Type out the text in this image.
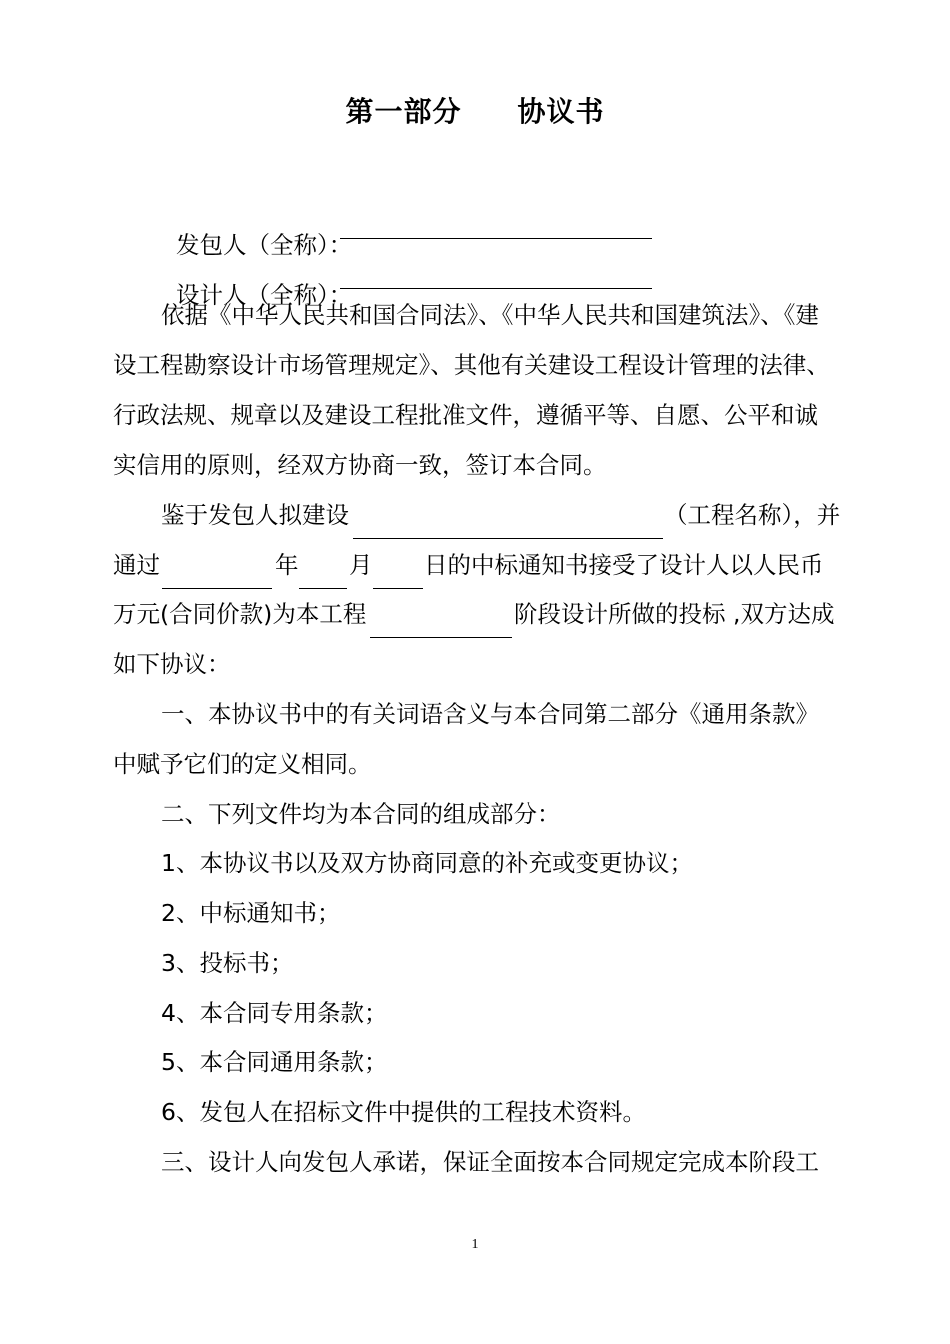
第一部分 协议书

发包人（全称）：

设计人（全称）：

依据《中华人民共和国合同法》、《中华人民共和国建筑法》、《建
设工程勘察设计市场管理规定》、其他有关建设工程设计管理的法律、
行政法规、规章以及建设工程批准文件，遵循平等、自愿、公平和诚
实信用的原则，经双方协商一致，签订本合同。
鉴于发包人拟建设	（工程名称），并
通过	年 月 日的中标通知书接受了设计人以人民币
万元(合同价款)为本工程	阶段设计所做的投标 ,双方达成
如下协议：
一、本协议书中的有关词语含义与本合同第二部分《通用条款》
中赋予它们的定义相同。
二、下列文件均为本合同的组成部分：
1、本协议书以及双方协商同意的补充或变更协议；
2、中标通知书；
3、投标书；
4、本合同专用条款；
5、本合同通用条款；
6、发包人在招标文件中提供的工程技术资料。
三、设计人向发包人承诺，保证全面按本合同规定完成本阶段工
1
